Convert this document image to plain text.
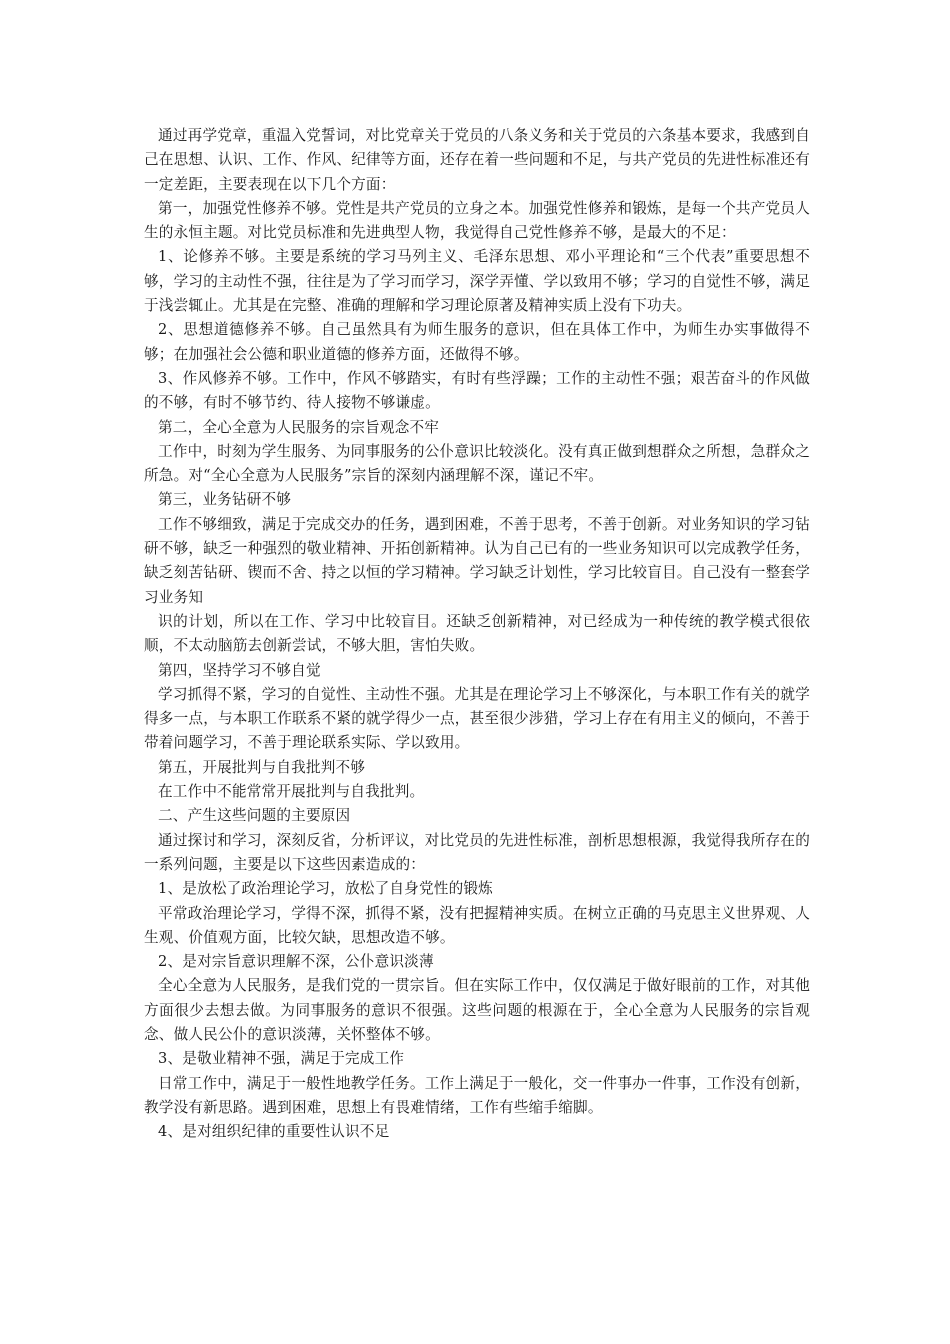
通过再学党章，重温入党誓词，对比党章关于党员的八条义务和关于党员的六条基本要求，我感到自己在思想、认识、工作、作风、纪律等方面，还存在着一些问题和不足，与共产党员的先进性标准还有一定差距，主要表现在以下几个方面：

第一，加强党性修养不够。党性是共产党员的立身之本。加强党性修养和锻炼，是每一个共产党员人生的永恒主题。对比党员标准和先进典型人物，我觉得自己党性修养不够，是最大的不足：

1、论修养不够。主要是系统的学习马列主义、毛泽东思想、邓小平理论和“三个代表”重要思想不够，学习的主动性不强，往往是为了学习而学习，深学弄懂、学以致用不够；学习的自觉性不够，满足于浅尝辄止。尤其是在完整、准确的理解和学习理论原著及精神实质上没有下功夫。

2、思想道德修养不够。自己虽然具有为师生服务的意识，但在具体工作中，为师生办实事做得不够；在加强社会公德和职业道德的修养方面，还做得不够。

3、作风修养不够。工作中，作风不够踏实，有时有些浮躁；工作的主动性不强；艰苦奋斗的作风做的不够，有时不够节约、待人接物不够谦虚。

第二，全心全意为人民服务的宗旨观念不牢

工作中，时刻为学生服务、为同事服务的公仆意识比较淡化。没有真正做到想群众之所想，急群众之所急。对“全心全意为人民服务”宗旨的深刻内涵理解不深，谨记不牢。

第三，业务钻研不够

工作不够细致，满足于完成交办的任务，遇到困难，不善于思考，不善于创新。对业务知识的学习钻研不够，缺乏一种强烈的敬业精神、开拓创新精神。认为自己已有的一些业务知识可以完成教学任务，缺乏刻苦钻研、锲而不舍、持之以恒的学习精神。学习缺乏计划性，学习比较盲目。自己没有一整套学习业务知

识的计划，所以在工作、学习中比较盲目。还缺乏创新精神，对已经成为一种传统的教学模式很依顺，不太动脑筋去创新尝试，不够大胆，害怕失败。

第四，坚持学习不够自觉

学习抓得不紧，学习的自觉性、主动性不强。尤其是在理论学习上不够深化，与本职工作有关的就学得多一点，与本职工作联系不紧的就学得少一点，甚至很少涉猎，学习上存在有用主义的倾向，不善于带着问题学习，不善于理论联系实际、学以致用。

第五，开展批判与自我批判不够

在工作中不能常常开展批判与自我批判。

二、产生这些问题的主要原因

通过探讨和学习，深刻反省，分析评议，对比党员的先进性标准，剖析思想根源，我觉得我所存在的一系列问题，主要是以下这些因素造成的：

1、是放松了政治理论学习，放松了自身党性的锻炼

平常政治理论学习，学得不深，抓得不紧，没有把握精神实质。在树立正确的马克思主义世界观、人生观、价值观方面，比较欠缺，思想改造不够。

2、是对宗旨意识理解不深，公仆意识淡薄

全心全意为人民服务，是我们党的一贯宗旨。但在实际工作中，仅仅满足于做好眼前的工作，对其他方面很少去想去做。为同事服务的意识不很强。这些问题的根源在于，全心全意为人民服务的宗旨观念、做人民公仆的意识淡薄，关怀整体不够。

3、是敬业精神不强，满足于完成工作

日常工作中，满足于一般性地教学任务。工作上满足于一般化，交一件事办一件事，工作没有创新，教学没有新思路。遇到困难，思想上有畏难情绪，工作有些缩手缩脚。

4、是对组织纪律的重要性认识不足
